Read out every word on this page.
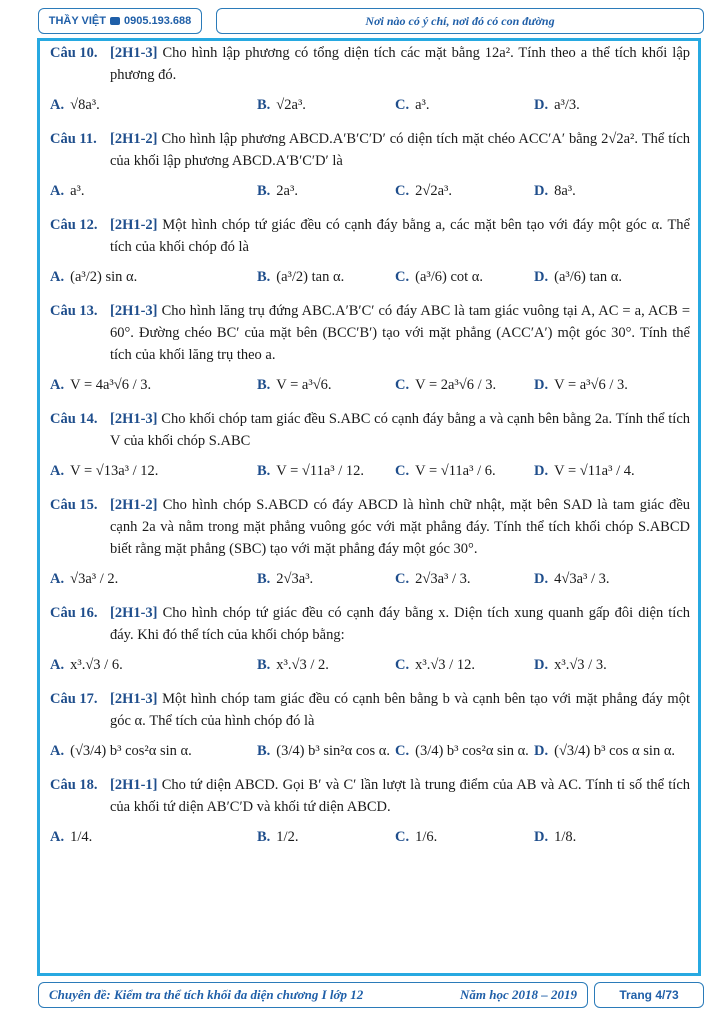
THẦY VIỆT 0905.193.688	Nơi nào có ý chí, nơi đó có con đường
Câu 10. [2H1-3] Cho hình lập phương có tổng diện tích các mặt bằng 12a². Tính theo a thể tích khối lập phương đó.
A. √8a³.	B. √2a³.	C. a³.	D. a³/3.
Câu 11. [2H1-2] Cho hình lập phương ABCD.A′B′C′D′ có diện tích mặt chéo ACC′A′ bằng 2√2a². Thể tích của khối lập phương ABCD.A′B′C′D′ là
A. a³.	B. 2a³.	C. 2√2a³.	D. 8a³.
Câu 12. [2H1-2] Một hình chóp tứ giác đều có cạnh đáy bằng a, các mặt bên tạo với đáy một góc α. Thể tích của khối chóp đó là
A. (a³/2) sin α.	B. (a³/2) tan α.	C. (a³/6) cot α.	D. (a³/6) tan α.
Câu 13. [2H1-3] Cho hình lăng trụ đứng ABC.A′B′C′ có đáy ABC là tam giác vuông tại A, AC = a, ACB = 60°. Đường chéo BC′ của mặt bên (BCC′B′) tạo với mặt phẳng (ACC′A′) một góc 30°. Tính thể tích của khối lăng trụ theo a.
A. V = 4a³√6 / 3.	B. V = a³√6.	C. V = 2a³√6 / 3.	D. V = a³√6 / 3.
Câu 14. [2H1-3] Cho khối chóp tam giác đều S.ABC có cạnh đáy bằng a và cạnh bên bằng 2a. Tính thể tích V của khối chóp S.ABC
A. V = √13a³ / 12.	B. V = √11a³ / 12. C. V = √11a³ / 6.	D. V = √11a³ / 4.
Câu 15. [2H1-2] Cho hình chóp S.ABCD có đáy ABCD là hình chữ nhật, mặt bên SAD là tam giác đều cạnh 2a và nằm trong mặt phẳng vuông góc với mặt phẳng đáy. Tính thể tích khối chóp S.ABCD biết rằng mặt phẳng (SBC) tạo với mặt phẳng đáy một góc 30°.
A. √3a³ / 2.	B. 2√3a³.	C. 2√3a³ / 3.	D. 4√3a³ / 3.
Câu 16. [2H1-3] Cho hình chóp tứ giác đều có cạnh đáy bằng x. Diện tích xung quanh gấp đôi diện tích đáy. Khi đó thể tích của khối chóp bằng:
A. x³.√3 / 6.	B. x³.√3 / 2.	C. x³.√3 / 12.	D. x³.√3 / 3.
Câu 17. [2H1-3] Một hình chóp tam giác đều có cạnh bên bằng b và cạnh bên tạo với mặt phẳng đáy một góc α. Thể tích của hình chóp đó là
A. (√3/4) b³ cos²α sin α.	B. (3/4) b³ sin²α cos α. C. (3/4) b³ cos²α sin α. D. (√3/4) b³ cos α sin α.
Câu 18. [2H1-1] Cho tứ diện ABCD. Gọi B′ và C′ lần lượt là trung điểm của AB và AC. Tính tỉ số thể tích của khối tứ diện AB′C′D và khối tứ diện ABCD.
A. 1/4.	B. 1/2.	C. 1/6.	D. 1/8.
Chuyên đề: Kiểm tra thể tích khối đa diện chương I lớp 12	Năm học 2018 – 2019	Trang 4/73
